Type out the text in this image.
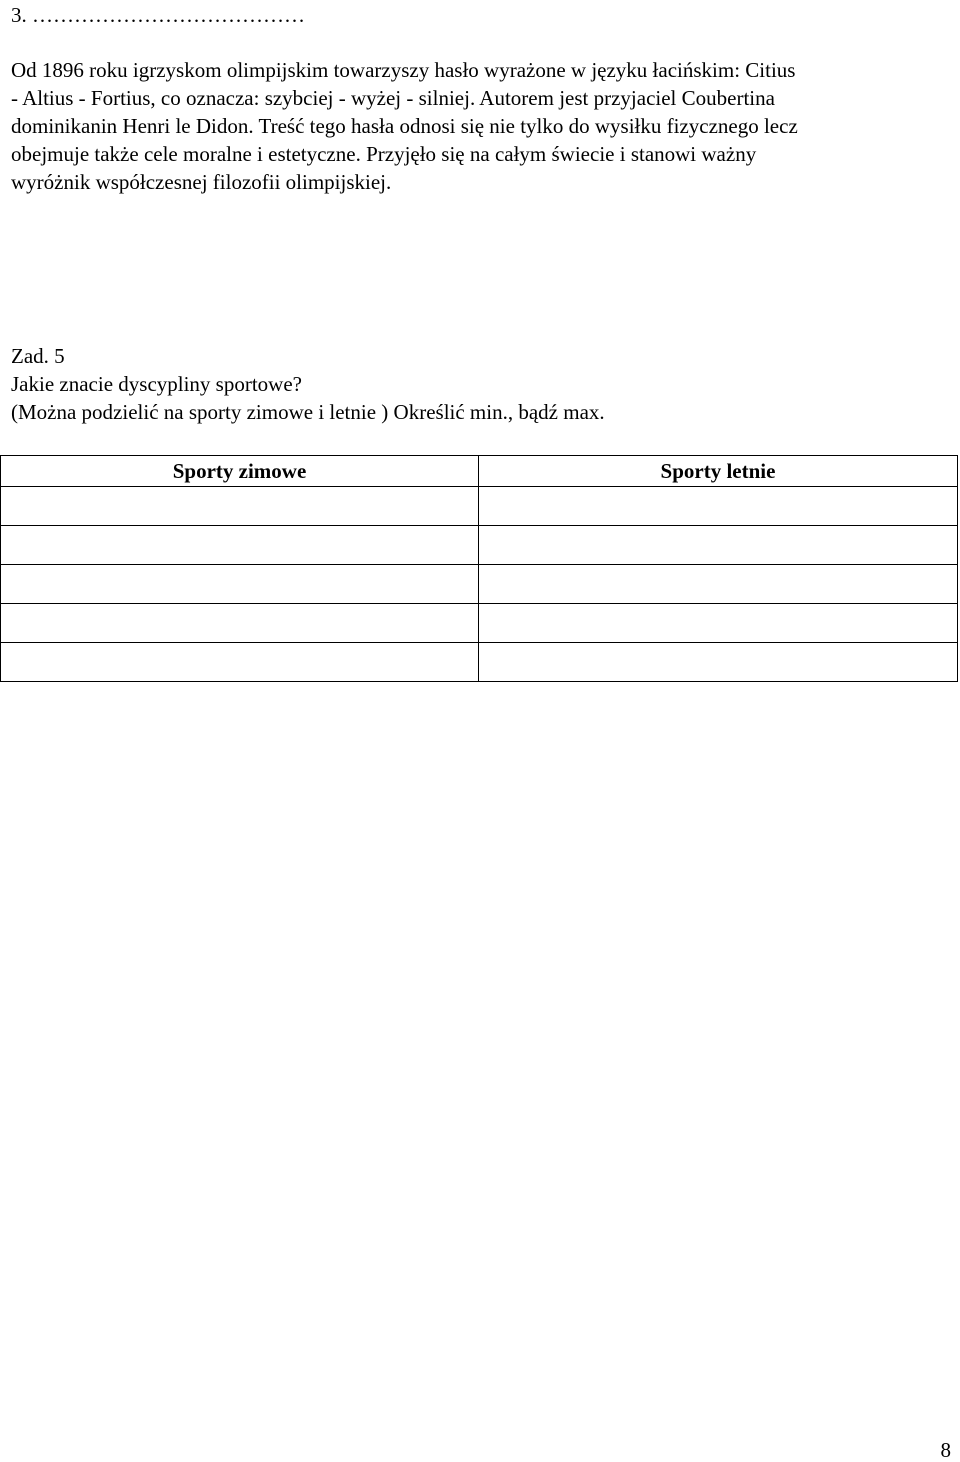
3. …………………………………
Od 1896 roku igrzyskom olimpijskim towarzyszy hasło wyrażone w języku łacińskim: Citius
- Altius - Fortius, co oznacza: szybciej - wyżej - silniej. Autorem jest przyjaciel Coubertina
dominikanin Henri le Didon. Treść tego hasła odnosi się nie tylko do wysiłku fizycznego lecz
obejmuje także cele moralne i estetyczne. Przyjęło się na całym świecie i stanowi ważny
wyróżnik współczesnej filozofii olimpijskiej.
Zad. 5
Jakie znacie dyscypliny sportowe?
(Można podzielić na sporty zimowe i letnie ) Określić min., bądź max.
Sporty zimowe	Sporty letnie

8
